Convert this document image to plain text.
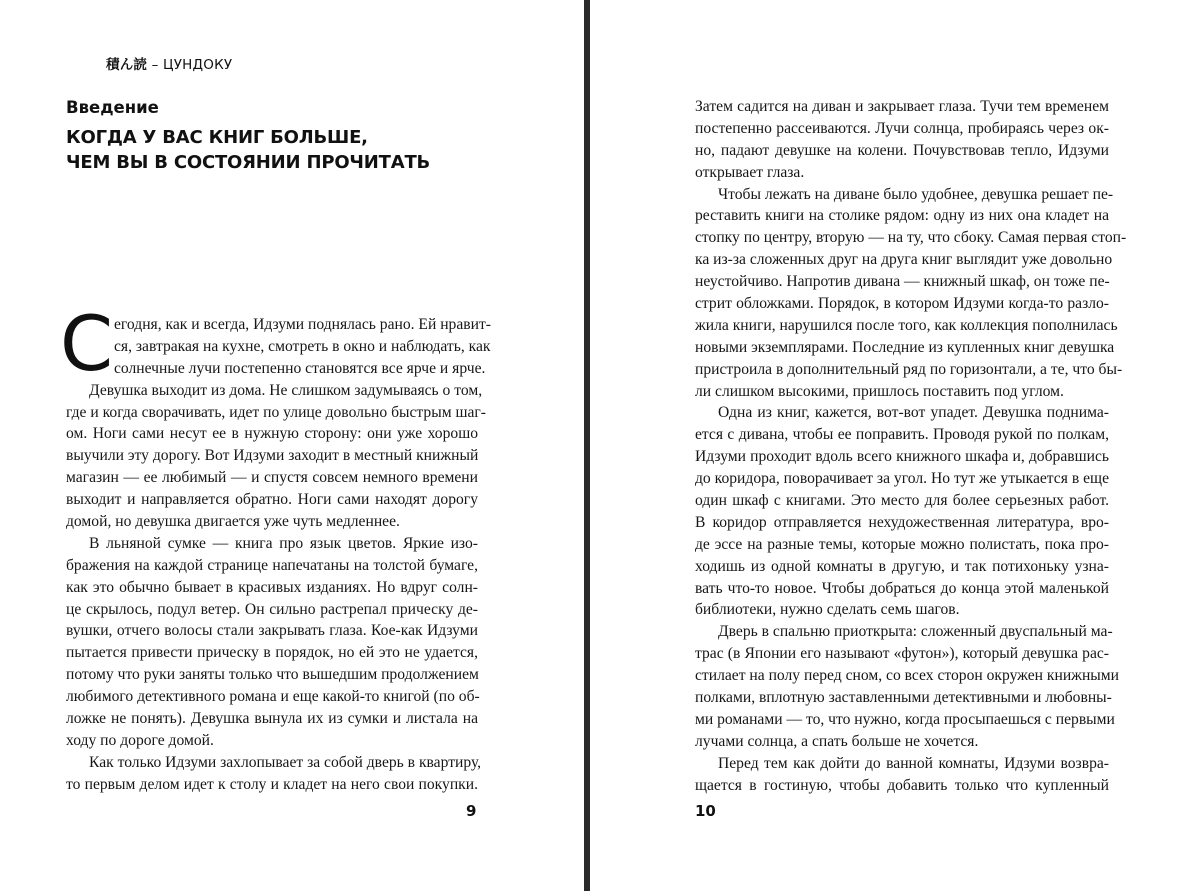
Введение
КОГДА У ВАС КНИГ БОЛЬШЕ,
ЧЕМ ВЫ В СОСТОЯНИИ ПРОЧИТАТЬ
С егодня, как и всегда, Идзуми поднялась рано. Ей нравит-
ся, завтракая на кухне, смотреть в окно и наблюдать, как
солнечные лучи постепенно становятся все ярче и ярче.
Девушка выходит из дома. Не слишком задумываясь о том,
где и когда сворачивать, идет по улице довольно быстрым шаг-
ом. Ноги сами несут ее в нужную сторону: они уже хорошо
выучили эту дорогу. Вот Идзуми заходит в местный книжный
магазин — ее любимый — и спустя совсем немного времени
выходит и направляется обратно. Ноги сами находят дорогу
домой, но девушка двигается уже чуть медленнее.
В льняной сумке — книга про язык цветов. Яркие изо-
бражения на каждой странице напечатаны на толстой бумаге,
как это обычно бывает в красивых изданиях. Но вдруг солн-
це скрылось, подул ветер. Он сильно растрепал прическу де-
вушки, отчего волосы стали закрывать глаза. Кое-как Идзуми
пытается привести прическу в порядок, но ей это не удается,
потому что руки заняты только что вышедшим продолжением
любимого детективного романа и еще какой-то книгой (по об-
ложке не понять). Девушка вынула их из сумки и листала на
ходу по дороге домой.
Как только Идзуми захлопывает за собой дверь в квартиру,
то первым делом идет к столу и кладет на него свои покупки.
9
積ん読 – ЦУНДОКУ
Затем садится на диван и закрывает глаза. Тучи тем временем
постепенно рассеиваются. Лучи солнца, пробираясь через ок-
но, падают девушке на колени. Почувствовав тепло, Идзуми
открывает глаза.
Чтобы лежать на диване было удобнее, девушка решает пе-
реставить книги на столике рядом: одну из них она кладет на
стопку по центру, вторую — на ту, что сбоку. Самая первая стоп-
ка из-за сложенных друг на друга книг выглядит уже довольно
неустойчиво. Напротив дивана — книжный шкаф, он тоже пе-
стрит обложками. Порядок, в котором Идзуми когда-то разло-
жила книги, нарушился после того, как коллекция пополнилась
новыми экземплярами. Последние из купленных книг девушка
пристроила в дополнительный ряд по горизонтали, а те, что бы-
ли слишком высокими, пришлось поставить под углом.
Одна из книг, кажется, вот-вот упадет. Девушка поднима-
ется с дивана, чтобы ее поправить. Проводя рукой по полкам,
Идзуми проходит вдоль всего книжного шкафа и, добравшись
до коридора, поворачивает за угол. Но тут же утыкается в еще
один шкаф с книгами. Это место для более серьезных работ.
В коридор отправляется нехудожественная литература, вро-
де эссе на разные темы, которые можно полистать, пока про-
ходишь из одной комнаты в другую, и так потихоньку узна-
вать что-то новое. Чтобы добраться до конца этой маленькой
библиотеки, нужно сделать семь шагов.
Дверь в спальню приоткрыта: сложенный двуспальный ма-
трас (в Японии его называют «футон»), который девушка рас-
стилает на полу перед сном, со всех сторон окружен книжными
полками, вплотную заставленными детективными и любовны-
ми романами — то, что нужно, когда просыпаешься с первыми
лучами солнца, а спать больше не хочется.
Перед тем как дойти до ванной комнаты, Идзуми возвра-
щается в гостиную, чтобы добавить только что купленный
10
